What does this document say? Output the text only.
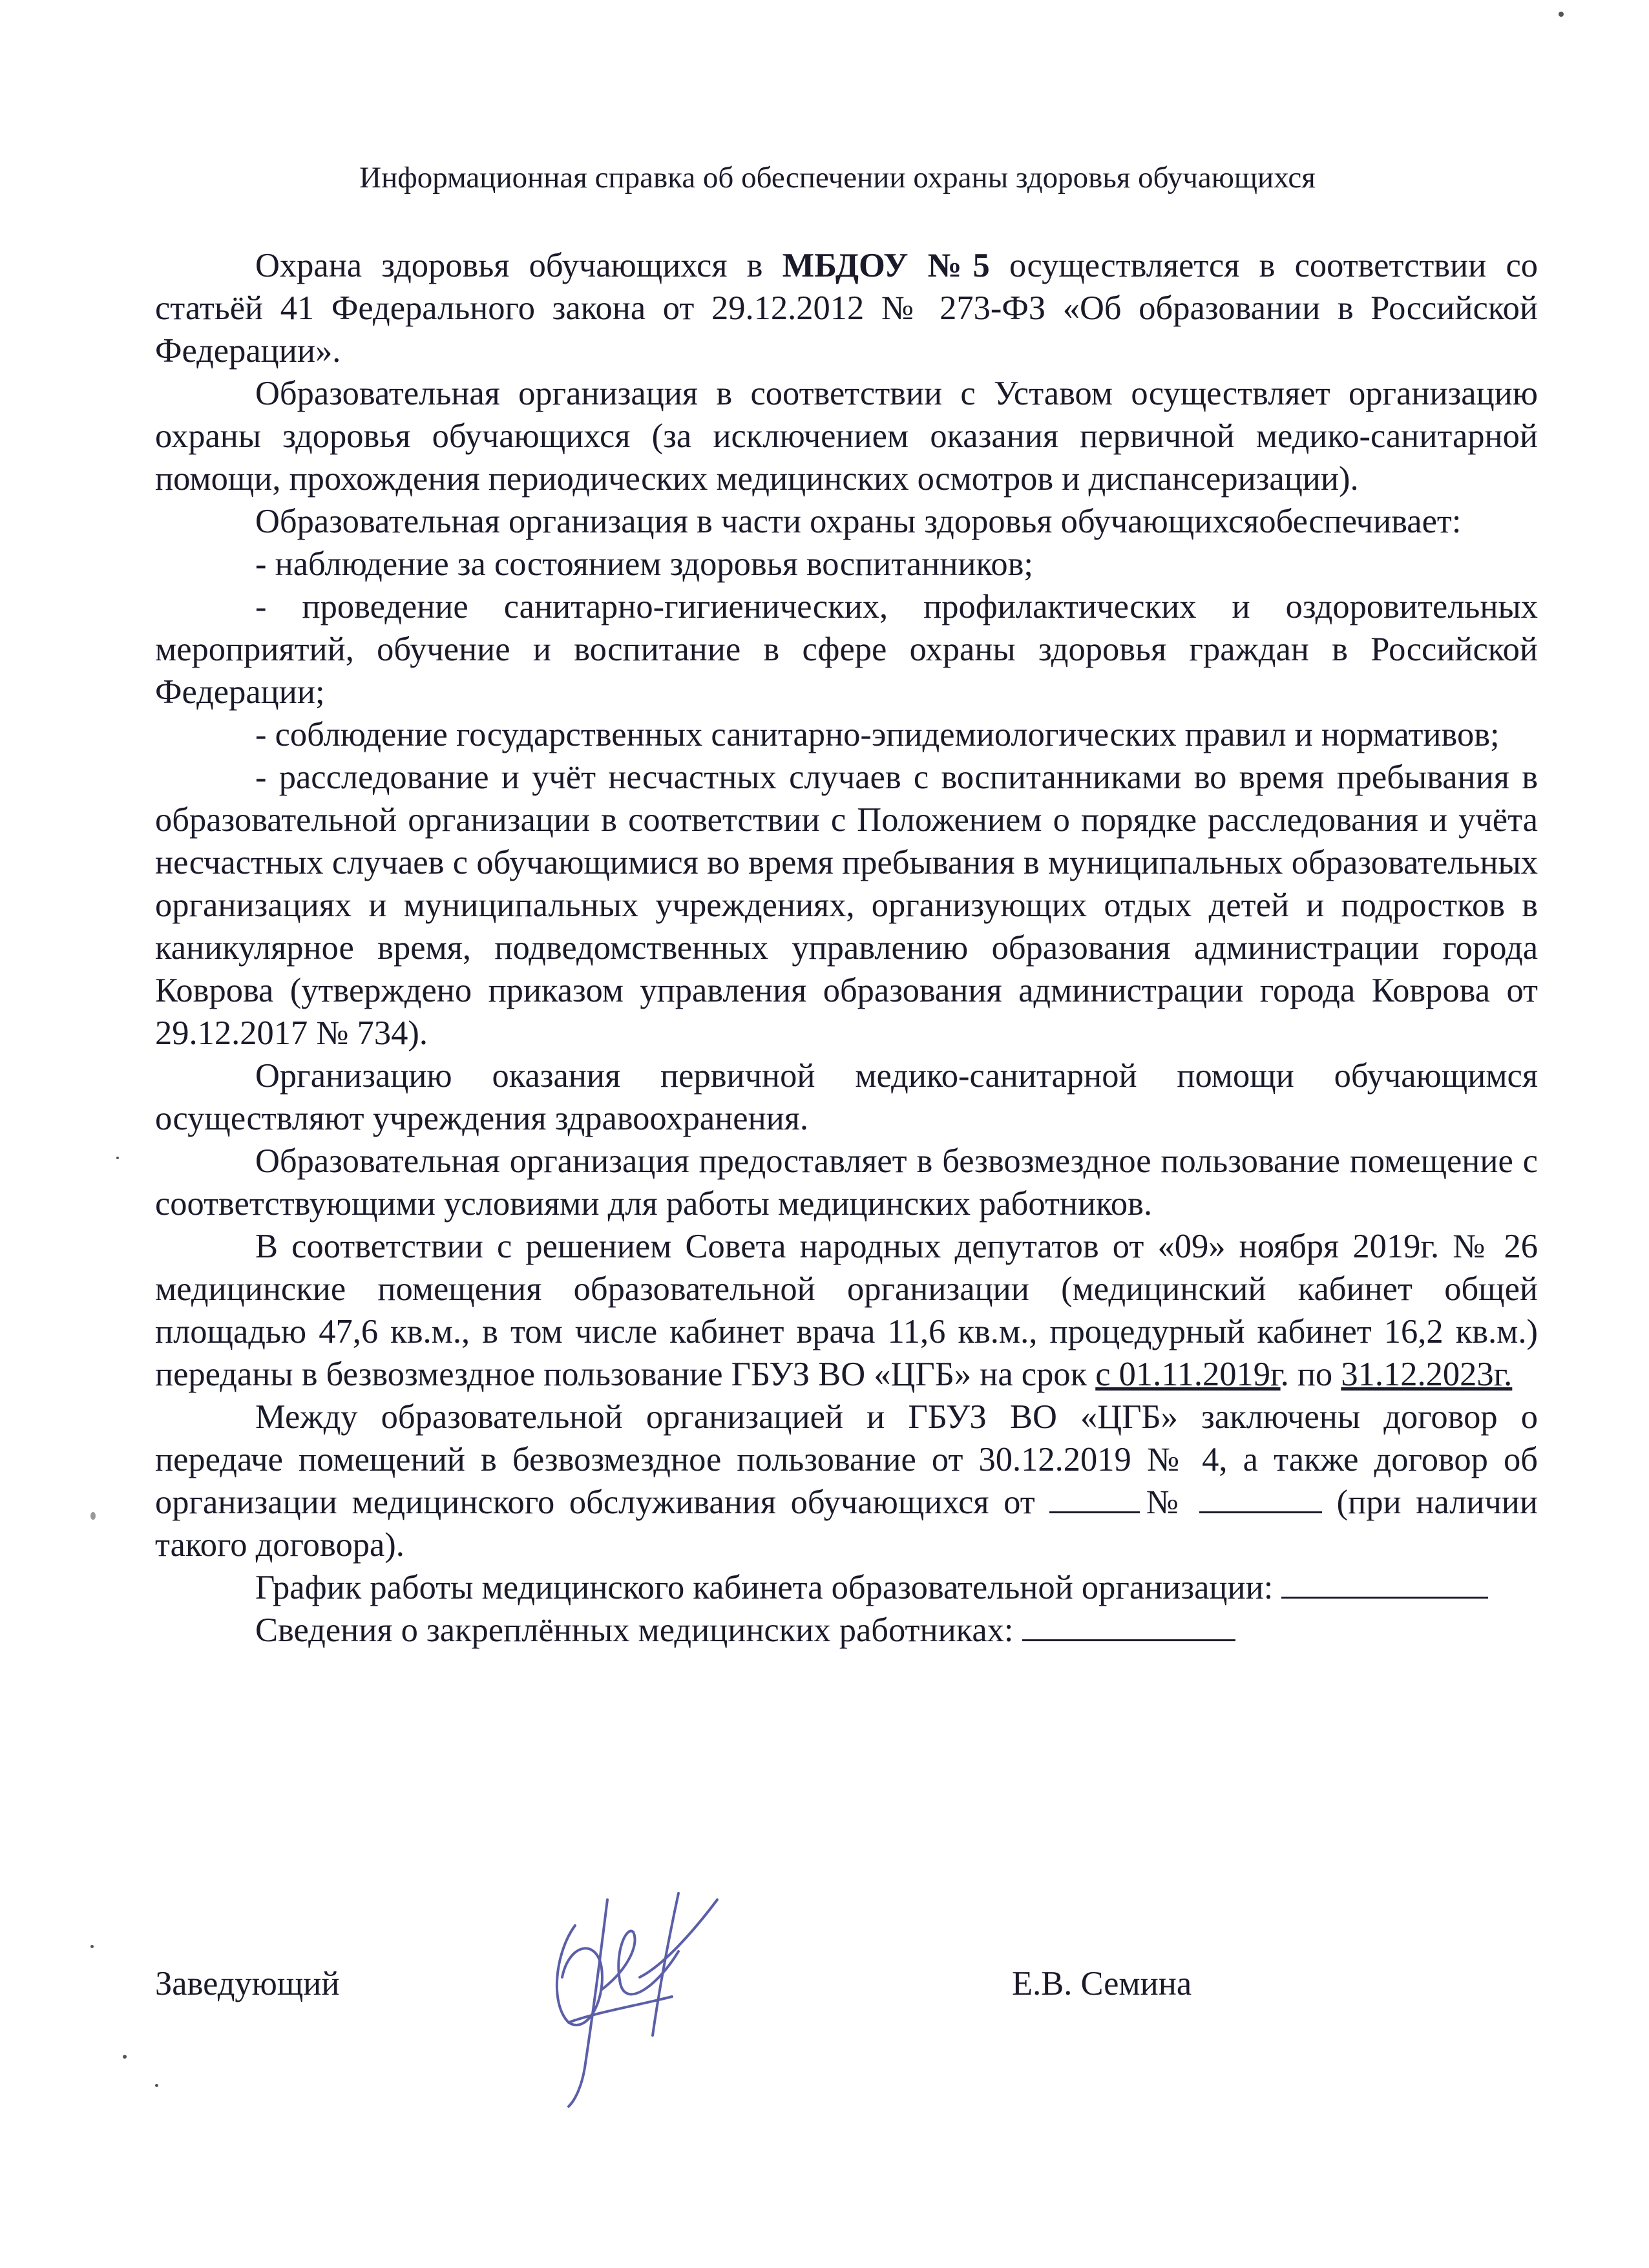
Информационная справка об обеспечении охраны здоровья обучающихся

Охрана здоровья обучающихся в МБДОУ №5 осуществляется в соответствии со статьёй 41 Федерального закона от 29.12.2012 № 273-ФЗ «Об образовании в Российской Федерации».

Образовательная организация в соответствии с Уставом осуществляет организацию охраны здоровья обучающихся (за исключением оказания первичной медико-санитарной помощи, прохождения периодических медицинских осмотров и диспансеризации).

Образовательная организация в части охраны здоровья обучающихсяобеспечивает:

- наблюдение за состоянием здоровья воспитанников;

- проведение санитарно-гигиенических, профилактических и оздоровительных мероприятий, обучение и воспитание в сфере охраны здоровья граждан в Российской Федерации;

- соблюдение государственных санитарно-эпидемиологических правил и нормативов;

- расследование и учёт несчастных случаев с воспитанниками во время пребывания в образовательной организации в соответствии с Положением о порядке расследования и учёта несчастных случаев с обучающимися во время пребывания в муниципальных образовательных организациях и муниципальных учреждениях, организующих отдых детей и подростков в каникулярное время, подведомственных управлению образования администрации города Коврова (утверждено приказом управления образования администрации города Коврова от 29.12.2017 № 734).

Организацию оказания первичной медико-санитарной помощи обучающимся осуществляют учреждения здравоохранения.

Образовательная организация предоставляет в безвозмездное пользование помещение с соответствующими условиями для работы медицинских работников.

В соответствии с решением Совета народных депутатов от «09» ноября 2019г. № 26 медицинские помещения образовательной организации (медицинский кабинет общей площадью 47,6 кв.м., в том числе кабинет врача 11,6 кв.м., процедурный кабинет 16,2 кв.м.) переданы в безвозмездное пользование ГБУЗ ВО «ЦГБ» на срок с 01.11.2019г. по 31.12.2023г.

Между образовательной организацией и ГБУЗ ВО «ЦГБ» заключены договор о передаче помещений в безвозмездное пользование от 30.12.2019 № 4, а также договор об организации медицинского обслуживания обучающихся от	№	(при наличии такого договора).

График работы медицинского кабинета образовательной организации:

Сведения о закреплённых медицинских работниках:

Заведующий	Е.В. Семина
